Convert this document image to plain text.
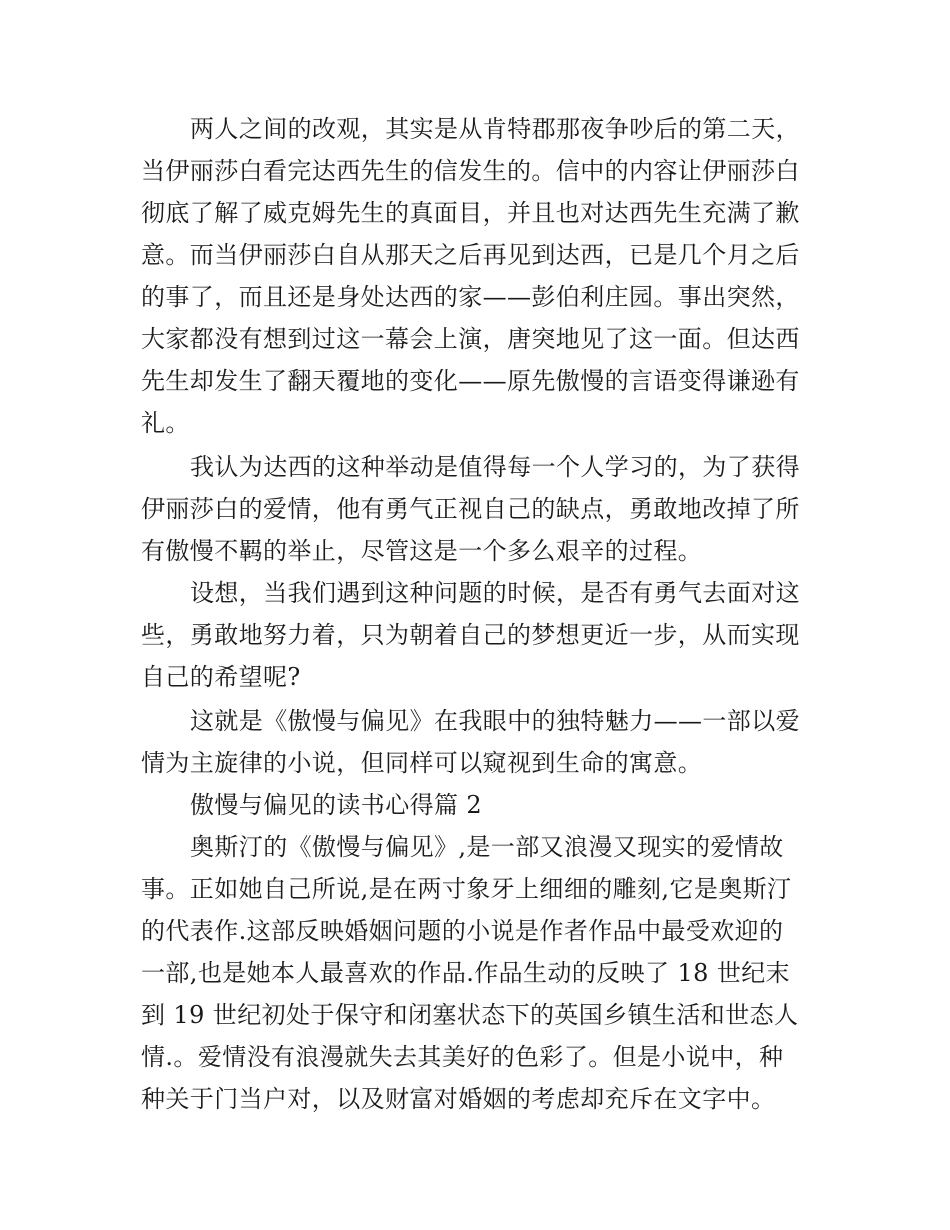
两人之间的改观，其实是从肯特郡那夜争吵后的第二天，
当伊丽莎白看完达西先生的信发生的。信中的内容让伊丽莎白
彻底了解了威克姆先生的真面目，并且也对达西先生充满了歉
意。而当伊丽莎白自从那天之后再见到达西，已是几个月之后
的事了，而且还是身处达西的家——彭伯利庄园。事出突然，
大家都没有想到过这一幕会上演，唐突地见了这一面。但达西
先生却发生了翻天覆地的变化——原先傲慢的言语变得谦逊有
礼。
我认为达西的这种举动是值得每一个人学习的，为了获得
伊丽莎白的爱情，他有勇气正视自己的缺点，勇敢地改掉了所
有傲慢不羁的举止，尽管这是一个多么艰辛的过程。
设想，当我们遇到这种问题的时候，是否有勇气去面对这
些，勇敢地努力着，只为朝着自己的梦想更近一步，从而实现
自己的希望呢?
这就是《傲慢与偏见》在我眼中的独特魅力——一部以爱
情为主旋律的小说，但同样可以窥视到生命的寓意。
傲慢与偏见的读书心得篇 2
奥斯汀的《傲慢与偏见》,是一部又浪漫又现实的爱情故
事。正如她自己所说,是在两寸象牙上细细的雕刻,它是奥斯汀
的代表作.这部反映婚姻问题的小说是作者作品中最受欢迎的
一部,也是她本人最喜欢的作品.作品生动的反映了 18 世纪末
到 19 世纪初处于保守和闭塞状态下的英国乡镇生活和世态人
情.。爱情没有浪漫就失去其美好的色彩了。但是小说中，种
种关于门当户对，以及财富对婚姻的考虑却充斥在文字中。
